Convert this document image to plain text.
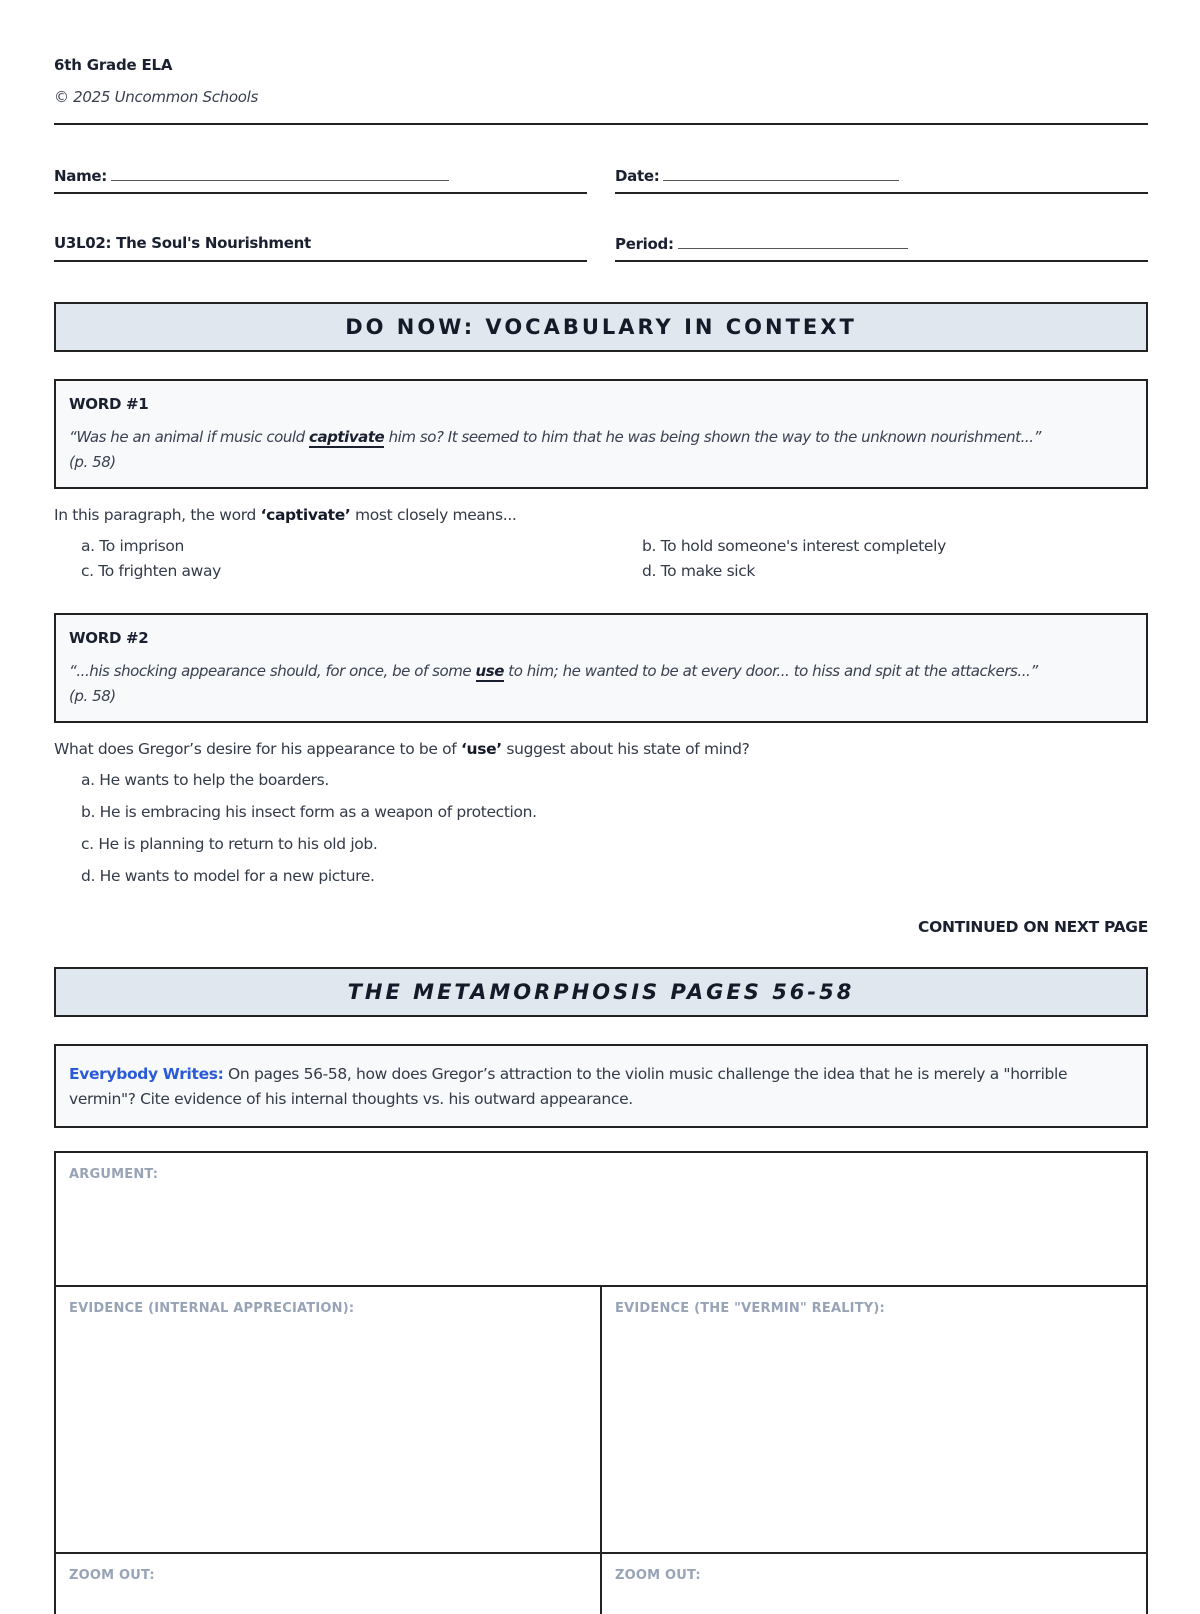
6th Grade ELA
© 2025 Uncommon Schools
Name:	Date:
U3L02: The Soul's Nourishment	Period:
DO NOW: VOCABULARY IN CONTEXT
WORD #1
“Was he an animal if music could captivate him so? It seemed to him that he was being shown the way to the unknown nourishment...”
(p. 58)
In this paragraph, the word ‘captivate’ most closely means...
a. To imprison	b. To hold someone's interest completely
c. To frighten away	d. To make sick
WORD #2
“...his shocking appearance should, for once, be of some use to him; he wanted to be at every door... to hiss and spit at the attackers...”
(p. 58)
What does Gregor’s desire for his appearance to be of ‘use’ suggest about his state of mind?
a. He wants to help the boarders.
b. He is embracing his insect form as a weapon of protection.
c. He is planning to return to his old job.
d. He wants to model for a new picture.
CONTINUED ON NEXT PAGE
THE METAMORPHOSIS PAGES 56-58
Everybody Writes: On pages 56-58, how does Gregor’s attraction to the violin music challenge the idea that he is merely a "horrible vermin"? Cite evidence of his internal thoughts vs. his outward appearance.
ARGUMENT:
EVIDENCE (INTERNAL APPRECIATION):	EVIDENCE (THE "VERMIN" REALITY):
ZOOM OUT:	ZOOM OUT:
